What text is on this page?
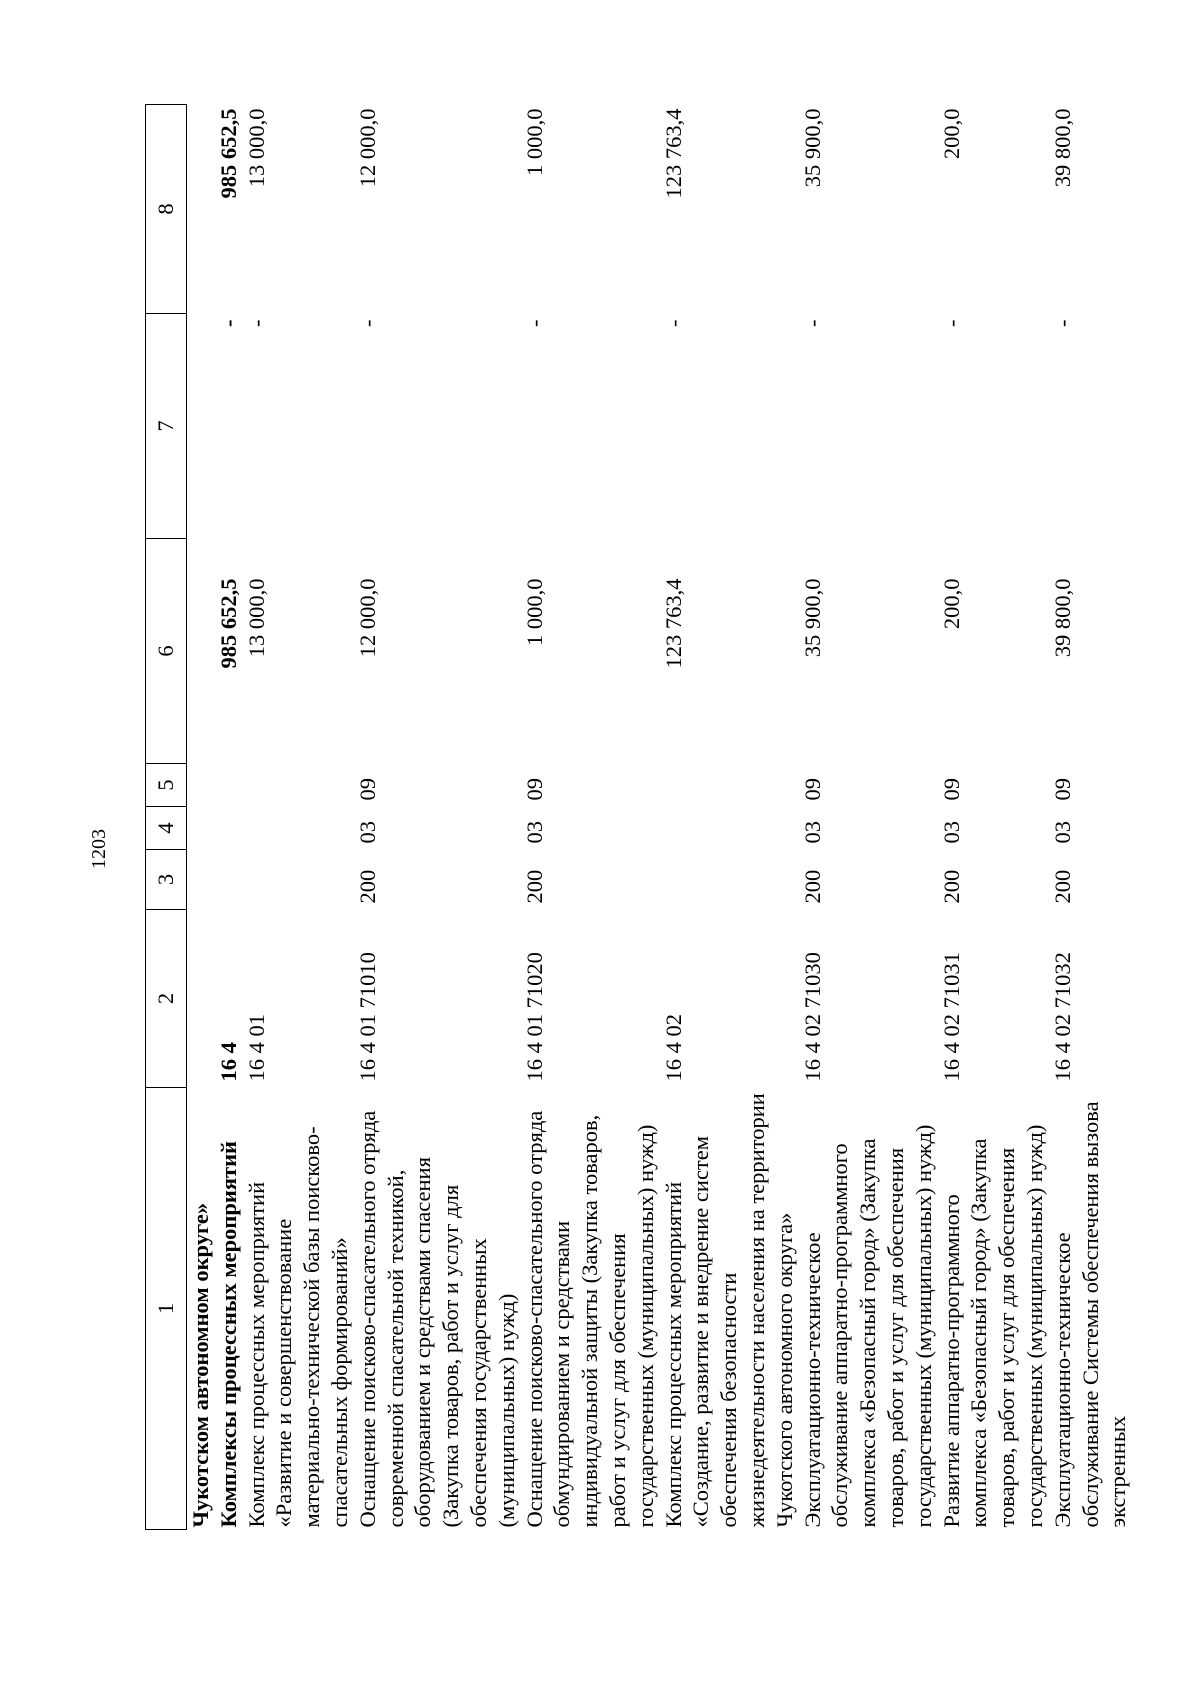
1203
1	2	3	4	5	6	7	8
Чукотском автономном округе»							
Комплексы процессных мероприятий	16 4				985 652,5	-	985 652,5
Комплекс процессных мероприятий «Развитие и совершенствование материально-технической базы поисково-спасательных формирований»	16 4 01				13 000,0	-	13 000,0
Оснащение поисково-спасательного отряда современной спасательной техникой, оборудованием и средствами спасения (Закупка товаров, работ и услуг для обеспечения государственных (муниципальных) нужд)	16 4 01 71010	200	03	09	12 000,0	-	12 000,0
Оснащение поисково-спасательного отряда обмундированием и средствами индивидуальной защиты (Закупка товаров, работ и услуг для обеспечения государственных (муниципальных) нужд)	16 4 01 71020	200	03	09	1 000,0	-	1 000,0
Комплекс процессных мероприятий «Создание, развитие и внедрение систем обеспечения безопасности жизнедеятельности населения на территории Чукотского автономного округа»	16 4 02				123 763,4	-	123 763,4
Эксплуатационно-техническое обслуживание аппаратно-программного комплекса «Безопасный город» (Закупка товаров, работ и услуг для обеспечения государственных (муниципальных) нужд)	16 4 02 71030	200	03	09	35 900,0	-	35 900,0
Развитие аппаратно-программного комплекса «Безопасный город» (Закупка товаров, работ и услуг для обеспечения государственных (муниципальных) нужд)	16 4 02 71031	200	03	09	200,0	-	200,0
Эксплуатационно-техническое обслуживание Системы обеспечения вызова экстренных	16 4 02 71032	200	03	09	39 800,0	-	39 800,0
